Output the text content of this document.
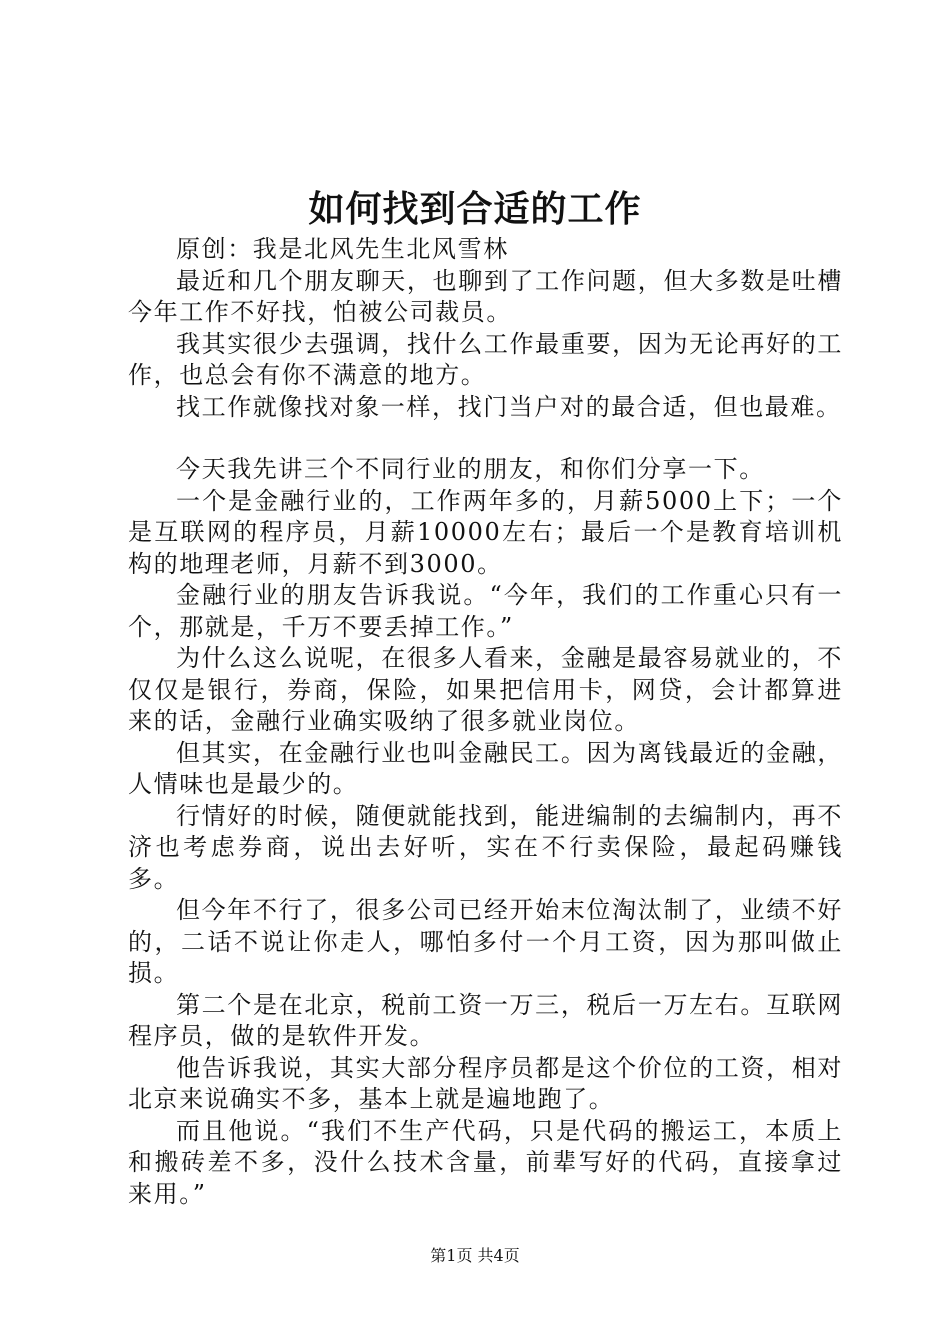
如何找到合适的工作

原创：我是北风先生北风雪林

最近和几个朋友聊天，也聊到了工作问题，但大多数是吐槽今年工作不好找，怕被公司裁员。

我其实很少去强调，找什么工作最重要，因为无论再好的工作，也总会有你不满意的地方。

找工作就像找对象一样，找门当户对的最合适，但也最难。

今天我先讲三个不同行业的朋友，和你们分享一下。

一个是金融行业的，工作两年多的，月薪5000上下；一个是互联网的程序员，月薪10000左右；最后一个是教育培训机构的地理老师，月薪不到3000。

金融行业的朋友告诉我说。“今年，我们的工作重心只有一个，那就是，千万不要丢掉工作。”

为什么这么说呢，在很多人看来，金融是最容易就业的，不仅仅是银行，券商，保险，如果把信用卡，网贷，会计都算进来的话，金融行业确实吸纳了很多就业岗位。

但其实，在金融行业也叫金融民工。因为离钱最近的金融，人情味也是最少的。

行情好的时候，随便就能找到，能进编制的去编制内，再不济也考虑券商，说出去好听，实在不行卖保险，最起码赚钱多。

但今年不行了，很多公司已经开始末位淘汰制了，业绩不好的，二话不说让你走人，哪怕多付一个月工资，因为那叫做止损。

第二个是在北京，税前工资一万三，税后一万左右。互联网程序员，做的是软件开发。

他告诉我说，其实大部分程序员都是这个价位的工资，相对北京来说确实不多，基本上就是遍地跑了。

而且他说。“我们不生产代码，只是代码的搬运工，本质上和搬砖差不多，没什么技术含量，前辈写好的代码，直接拿过来用。”

第1页 共4页
